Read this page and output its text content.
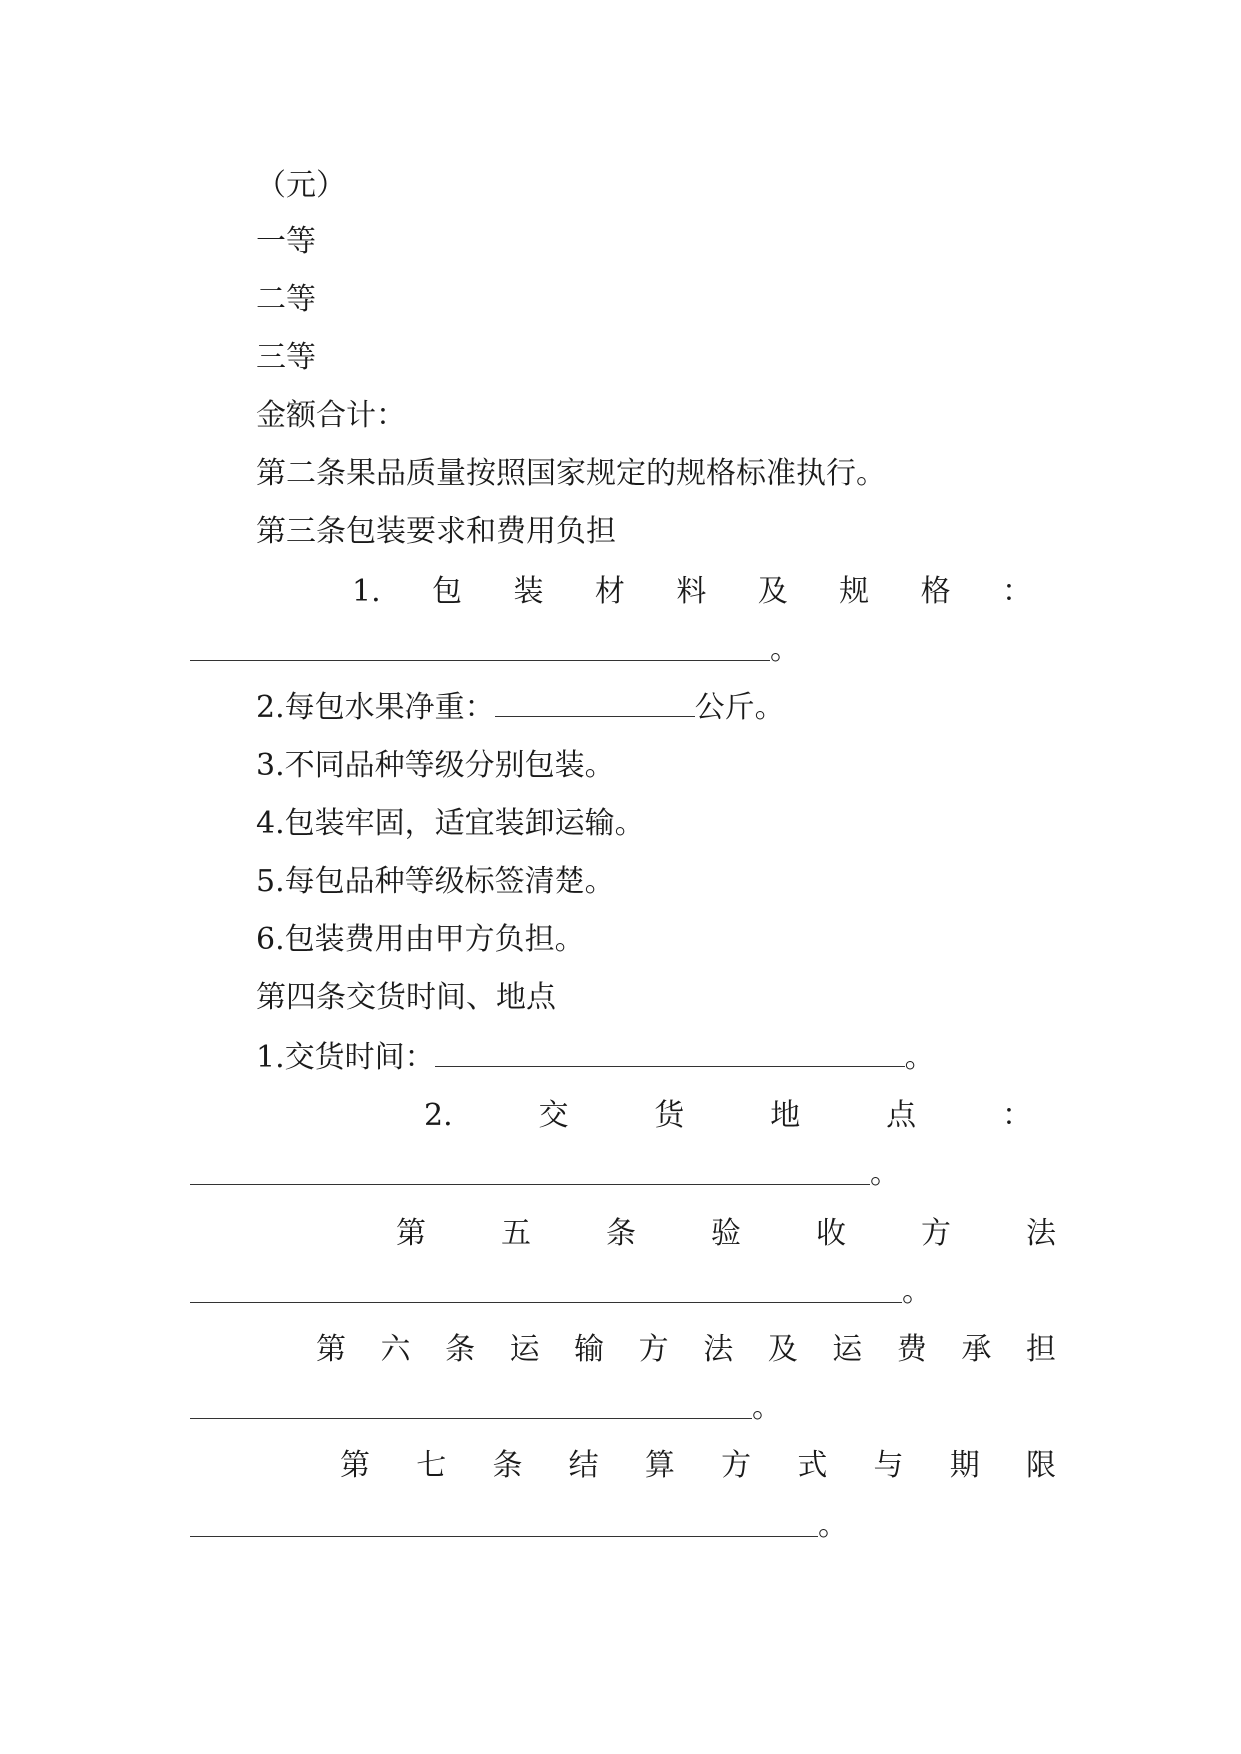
（元）
一等
二等
三等
金额合计：
第二条果品质量按照国家规定的规格标准执行。
第三条包装要求和费用负担
1. 包 装 材 料 及 规 格 ：
。
2.每包水果净重：	公斤。
3.不同品种等级分别包装。
4.包装牢固，适宜装卸运输。
5.每包品种等级标签清楚。
6.包装费用由甲方负担。
第四条交货时间、地点
1.交货时间：	。
2.	交	货	地	点	：
。
第	五	条	验	收	方	法
。
第 六 条 运 输 方 法 及 运 费 承 担
。
第 七 条 结 算 方 式 与 期 限
。
